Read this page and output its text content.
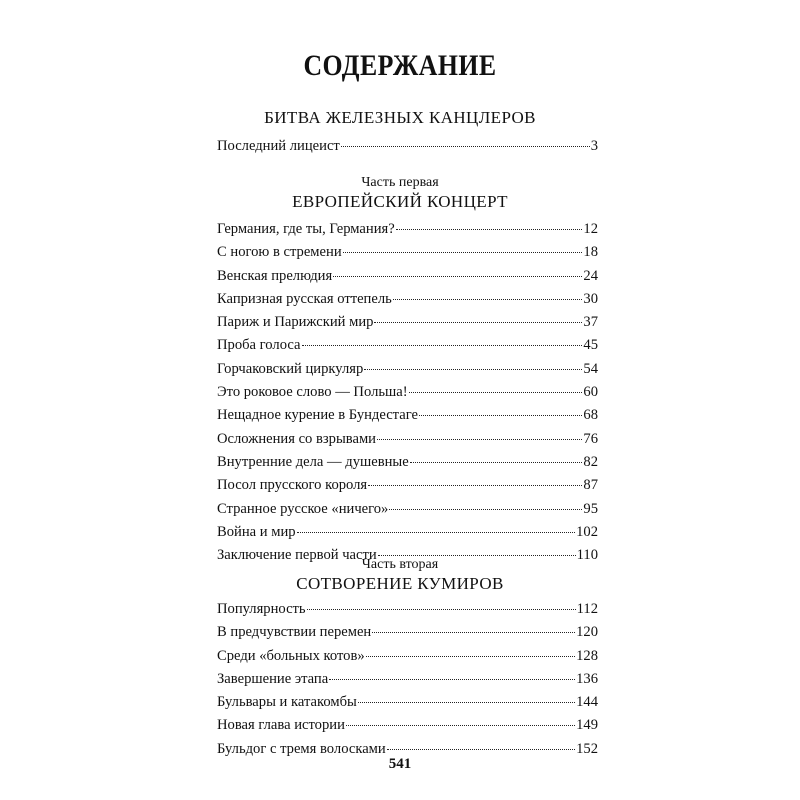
СОДЕРЖАНИЕ
БИТВА ЖЕЛЕЗНЫХ КАНЦЛЕРОВ
Последний лицеист	3
Часть первая
ЕВРОПЕЙСКИЙ КОНЦЕРТ
Германия, где ты, Германия?	12
С ногою в стремени	18
Венская прелюдия	24
Капризная русская оттепель	30
Париж и Парижский мир	37
Проба голоса	45
Горчаковский циркуляр	54
Это роковое слово — Польша!	60
Нещадное курение в Бундестаге	68
Осложнения со взрывами	76
Внутренние дела — душевные	82
Посол прусского короля	87
Странное русское «ничего»	95
Война и мир	102
Заключение первой части	110
Часть вторая
СОТВОРЕНИЕ КУМИРОВ
Популярность	112
В предчувствии перемен	120
Среди «больных котов»	128
Завершение этапа	136
Бульвары и катакомбы	144
Новая глава истории	149
Бульдог с тремя волосками	152
541
